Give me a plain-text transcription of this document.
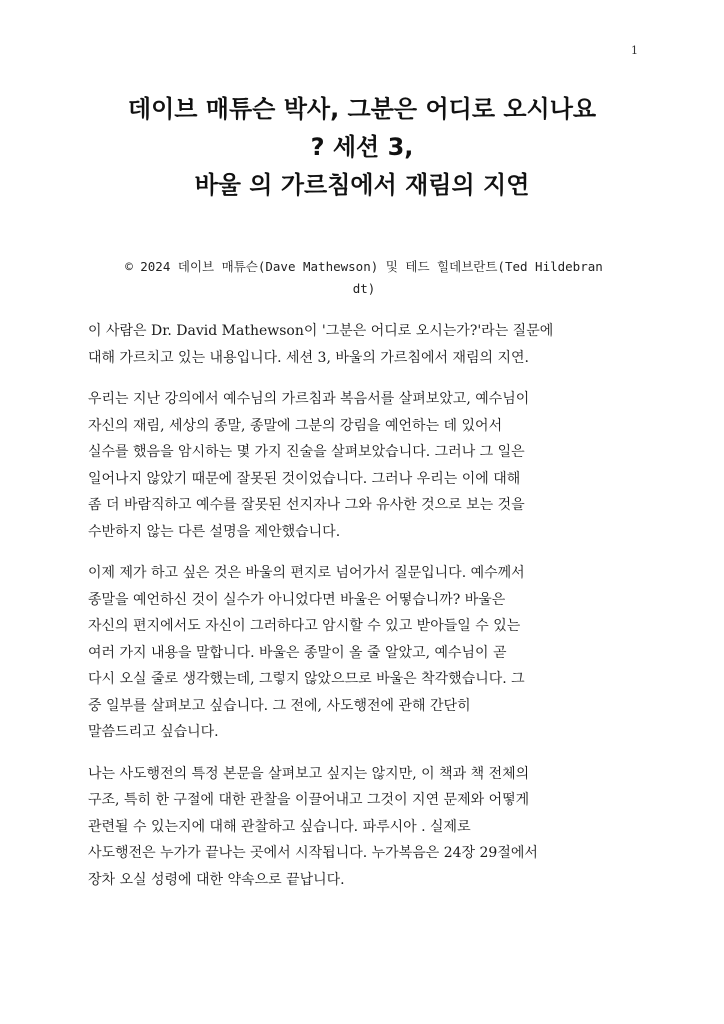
1
데이브 매튜슨 박사, 그분은 어디로 오시나요
? 세션 3,
바울 의 가르침에서 재림의 지연
© 2024 데이브 매튜슨(Dave Mathewson) 및 테드 힐데브란트(Ted Hildebran
dt)

이 사람은 Dr. David Mathewson이 '그분은 어디로 오시는가?'라는 질문에
대해 가르치고 있는 내용입니다. 세션 3, 바울의 가르침에서 재림의 지연.

우리는 지난 강의에서 예수님의 가르침과 복음서를 살펴보았고, 예수님이
자신의 재림, 세상의 종말, 종말에 그분의 강림을 예언하는 데 있어서
실수를 했음을 암시하는 몇 가지 진술을 살펴보았습니다. 그러나 그 일은
일어나지 않았기 때문에 잘못된 것이었습니다. 그러나 우리는 이에 대해
좀 더 바람직하고 예수를 잘못된 선지자나 그와 유사한 것으로 보는 것을
수반하지 않는 다른 설명을 제안했습니다.

이제 제가 하고 싶은 것은 바울의 편지로 넘어가서 질문입니다. 예수께서
종말을 예언하신 것이 실수가 아니었다면 바울은 어떻습니까? 바울은
자신의 편지에서도 자신이 그러하다고 암시할 수 있고 받아들일 수 있는
여러 가지 내용을 말합니다. 바울은 종말이 올 줄 알았고, 예수님이 곧
다시 오실 줄로 생각했는데, 그렇지 않았으므로 바울은 착각했습니다. 그
중 일부를 살펴보고 싶습니다. 그 전에, 사도행전에 관해 간단히
말씀드리고 싶습니다.

나는 사도행전의 특정 본문을 살펴보고 싶지는 않지만, 이 책과 책 전체의
구조, 특히 한 구절에 대한 관찰을 이끌어내고 그것이 지연 문제와 어떻게
관련될 수 있는지에 대해 관찰하고 싶습니다. 파루시아 . 실제로
사도행전은 누가가 끝나는 곳에서 시작됩니다. 누가복음은 24장 29절에서
장차 오실 성령에 대한 약속으로 끝납니다.
